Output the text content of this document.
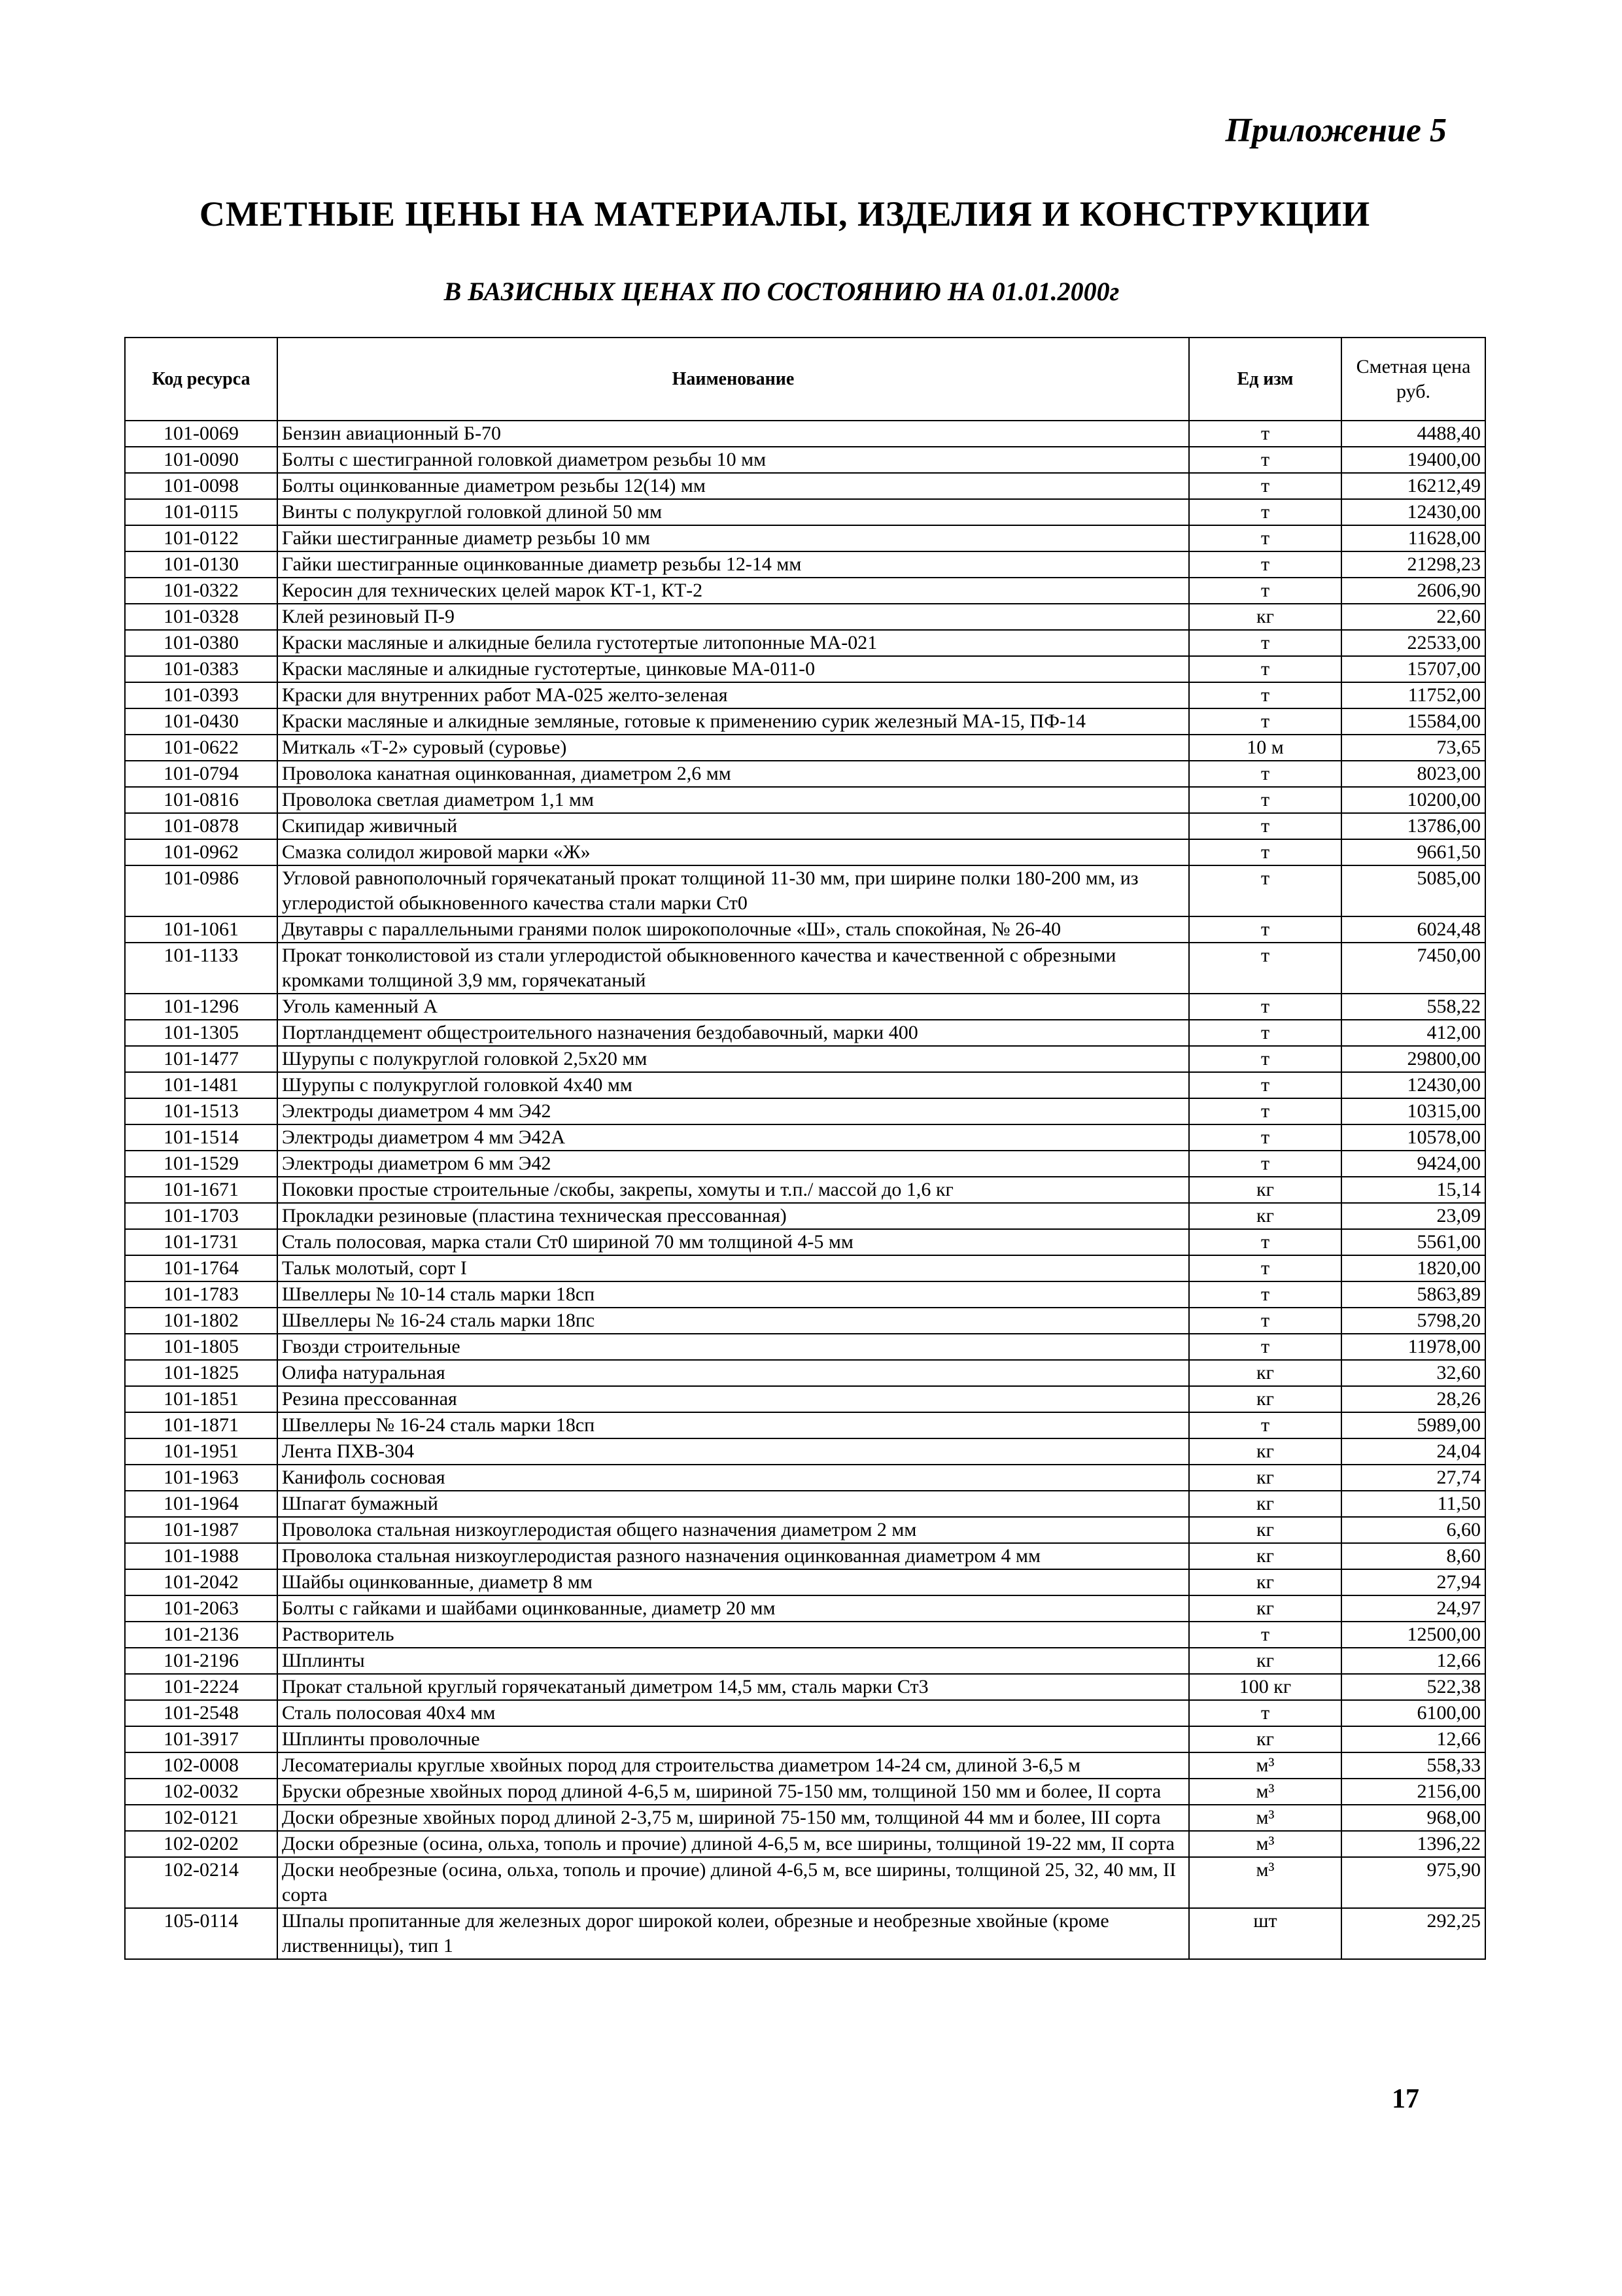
Приложение 5
СМЕТНЫЕ ЦЕНЫ НА МАТЕРИАЛЫ, ИЗДЕЛИЯ И КОНСТРУКЦИИ
В БАЗИСНЫХ ЦЕНАХ ПО СОСТОЯНИЮ НА 01.01.2000г
Код ресурса	Наименование	Ед изм	Сметная цена руб.
101-0069	Бензин авиационный Б-70	т	4488,40
101-0090	Болты с шестигранной головкой диаметром резьбы 10 мм	т	19400,00
101-0098	Болты оцинкованные диаметром резьбы 12(14) мм	т	16212,49
101-0115	Винты с полукруглой головкой длиной 50 мм	т	12430,00
101-0122	Гайки шестигранные диаметр резьбы 10 мм	т	11628,00
101-0130	Гайки шестигранные оцинкованные диаметр резьбы 12-14 мм	т	21298,23
101-0322	Керосин для технических целей марок КТ-1, КТ-2	т	2606,90
101-0328	Клей резиновый П-9	кг	22,60
101-0380	Краски масляные и алкидные белила густотертые литопонные МА-021	т	22533,00
101-0383	Краски масляные и алкидные густотертые, цинковые МА-011-0	т	15707,00
101-0393	Краски для внутренних работ МА-025 желто-зеленая	т	11752,00
101-0430	Краски масляные и алкидные земляные, готовые к применению сурик железный МА-15, ПФ-14	т	15584,00
101-0622	Миткаль «Т-2» суровый (суровье)	10 м	73,65
101-0794	Проволока канатная оцинкованная, диаметром 2,6 мм	т	8023,00
101-0816	Проволока светлая диаметром 1,1 мм	т	10200,00
101-0878	Скипидар живичный	т	13786,00
101-0962	Смазка солидол жировой марки «Ж»	т	9661,50
101-0986	Угловой равнополочный горячекатаный прокат толщиной 11-30 мм, при ширине полки 180-200 мм, из углеродистой обыкновенного качества стали марки Ст0	т	5085,00
101-1061	Двутавры с параллельными гранями полок широкополочные «Ш», сталь спокойная, № 26-40	т	6024,48
101-1133	Прокат тонколистовой из стали углеродистой обыкновенного качества и качественной с обрезными кромками толщиной 3,9 мм, горячекатаный	т	7450,00
101-1296	Уголь каменный А	т	558,22
101-1305	Портландцемент общестроительного назначения бездобавочный, марки 400	т	412,00
101-1477	Шурупы с полукруглой головкой 2,5х20 мм	т	29800,00
101-1481	Шурупы с полукруглой головкой 4х40 мм	т	12430,00
101-1513	Электроды диаметром 4 мм Э42	т	10315,00
101-1514	Электроды диаметром 4 мм Э42А	т	10578,00
101-1529	Электроды диаметром 6 мм Э42	т	9424,00
101-1671	Поковки простые строительные /скобы, закрепы, хомуты и т.п./ массой до 1,6 кг	кг	15,14
101-1703	Прокладки резиновые (пластина техническая прессованная)	кг	23,09
101-1731	Сталь полосовая, марка стали Ст0 шириной 70 мм толщиной 4-5 мм	т	5561,00
101-1764	Тальк молотый, сорт I	т	1820,00
101-1783	Швеллеры № 10-14 сталь марки 18сп	т	5863,89
101-1802	Швеллеры № 16-24 сталь марки 18пс	т	5798,20
101-1805	Гвозди строительные	т	11978,00
101-1825	Олифа натуральная	кг	32,60
101-1851	Резина прессованная	кг	28,26
101-1871	Швеллеры № 16-24 сталь марки 18сп	т	5989,00
101-1951	Лента ПХВ-304	кг	24,04
101-1963	Канифоль сосновая	кг	27,74
101-1964	Шпагат бумажный	кг	11,50
101-1987	Проволока стальная низкоуглеродистая общего назначения диаметром 2 мм	кг	6,60
101-1988	Проволока стальная низкоуглеродистая разного назначения оцинкованная диаметром 4 мм	кг	8,60
101-2042	Шайбы оцинкованные, диаметр 8 мм	кг	27,94
101-2063	Болты с гайками и шайбами оцинкованные, диаметр 20 мм	кг	24,97
101-2136	Растворитель	т	12500,00
101-2196	Шплинты	кг	12,66
101-2224	Прокат стальной круглый горячекатаный диметром 14,5 мм, сталь марки Ст3	100 кг	522,38
101-2548	Сталь полосовая 40х4 мм	т	6100,00
101-3917	Шплинты проволочные	кг	12,66
102-0008	Лесоматериалы круглые хвойных пород для строительства диаметром 14-24 см, длиной 3-6,5 м	м³	558,33
102-0032	Бруски обрезные хвойных пород длиной 4-6,5 м, шириной 75-150 мм, толщиной 150 мм и более, II сорта	м³	2156,00
102-0121	Доски обрезные хвойных пород длиной 2-3,75 м, шириной 75-150 мм, толщиной 44 мм и более, III сорта	м³	968,00
102-0202	Доски обрезные (осина, ольха, тополь и прочие) длиной 4-6,5 м, все ширины, толщиной 19-22 мм, II сорта	м³	1396,22
102-0214	Доски необрезные (осина, ольха, тополь и прочие) длиной 4-6,5 м, все ширины, толщиной 25, 32, 40 мм, II сорта	м³	975,90
105-0114	Шпалы пропитанные для железных дорог широкой колеи, обрезные и необрезные хвойные (кроме лиственницы), тип 1	шт	292,25
17
